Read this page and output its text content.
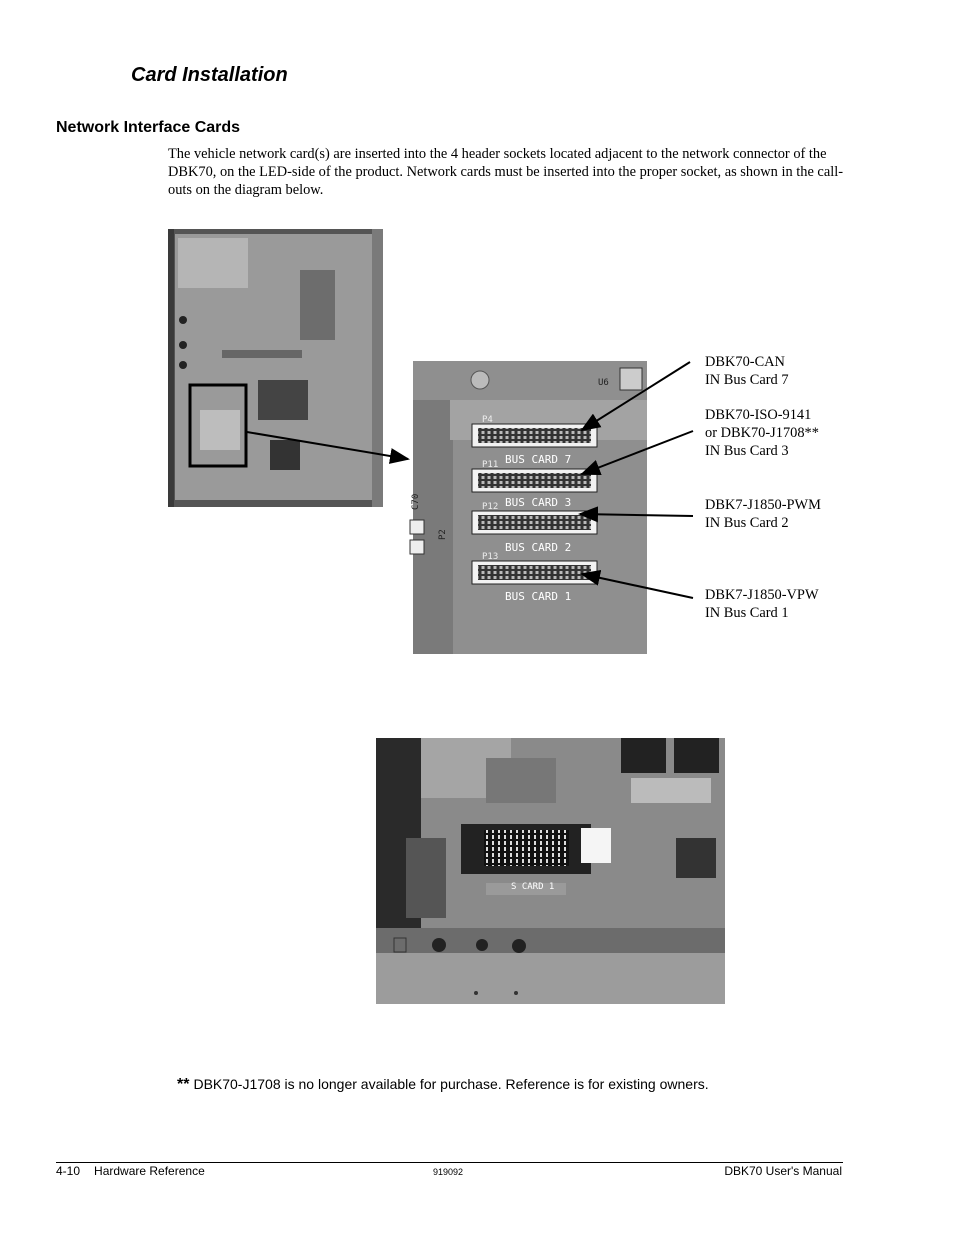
Card Installation
Network Interface Cards

The vehicle network card(s) are inserted into the 4 header sockets located adjacent to the network connector of the DBK70, on the LED-side of the product. Network cards must be inserted into the proper socket, as shown in the call-outs on the diagram below.

U6
C70
P2
P4
BUS CARD 7
P11
BUS CARD 3
P12
BUS CARD 2
P13
BUS CARD 1
DBK70-CAN
IN Bus Card 7
DBK70-ISO-9141
or DBK70-J1708**
IN Bus Card 3
DBK7-J1850-PWM
IN Bus Card 2
DBK7-J1850-VPW
IN Bus Card 1
S CARD 1
** DBK70-J1708 is no longer available for purchase. Reference is for existing owners.
4-10 Hardware Reference	919092	DBK70 User's Manual
